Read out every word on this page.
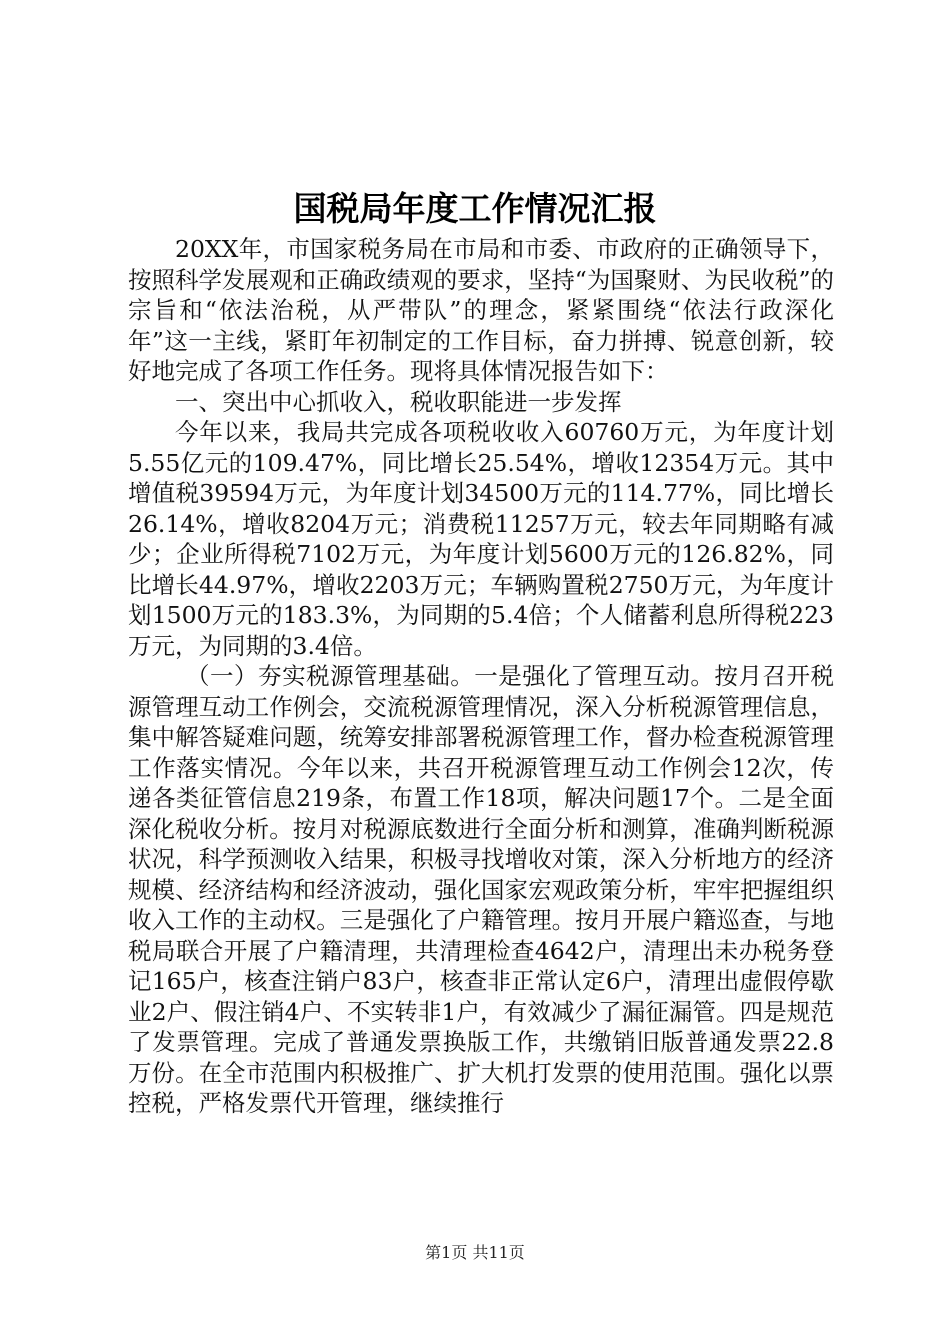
国税局年度工作情况汇报

20XX年，市国家税务局在市局和市委、市政府的正确领导下，按照科学发展观和正确政绩观的要求，坚持“为国聚财、为民收税”的宗旨和“依法治税，从严带队”的理念，紧紧围绕“依法行政深化年”这一主线，紧盯年初制定的工作目标，奋力拼搏、锐意创新，较好地完成了各项工作任务。现将具体情况报告如下：

一、突出中心抓收入，税收职能进一步发挥

今年以来，我局共完成各项税收收入60760万元，为年度计划5.55亿元的109.47%，同比增长25.54%，增收12354万元。其中增值税39594万元，为年度计划34500万元的114.77%，同比增长26.14%，增收8204万元；消费税11257万元，较去年同期略有减少；企业所得税7102万元，为年度计划5600万元的126.82%，同比增长44.97%，增收2203万元；车辆购置税2750万元，为年度计划1500万元的183.3%，为同期的5.4倍；个人储蓄利息所得税223万元，为同期的3.4倍。

（一）夯实税源管理基础。一是强化了管理互动。按月召开税源管理互动工作例会，交流税源管理情况，深入分析税源管理信息，集中解答疑难问题，统筹安排部署税源管理工作，督办检查税源管理工作落实情况。今年以来，共召开税源管理互动工作例会12次，传递各类征管信息219条，布置工作18项，解决问题17个。二是全面深化税收分析。按月对税源底数进行全面分析和测算，准确判断税源状况，科学预测收入结果，积极寻找增收对策，深入分析地方的经济规模、经济结构和经济波动，强化国家宏观政策分析，牢牢把握组织收入工作的主动权。三是强化了户籍管理。按月开展户籍巡查，与地税局联合开展了户籍清理，共清理检查4642户，清理出未办税务登记165户，核查注销户83户，核查非正常认定6户，清理出虚假停歇业2户、假注销4户、不实转非1户，有效减少了漏征漏管。四是规范了发票管理。完成了普通发票换版工作，共缴销旧版普通发票22.8万份。在全市范围内积极推广、扩大机打发票的使用范围。强化以票控税，严格发票代开管理，继续推行

第1页 共11页
